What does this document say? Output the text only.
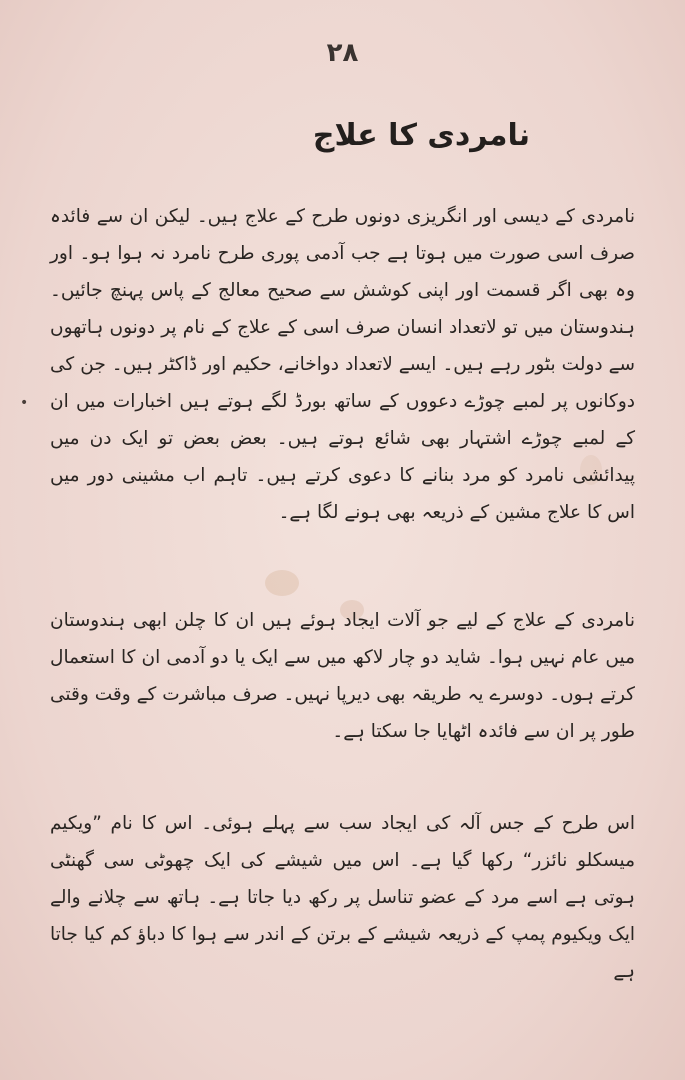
۲۸
نامردی کا علاج

نامردی کے دیسی اور انگریزی دونوں طرح کے علاج ہیں۔ لیکن ان سے فائدہ صرف اسی صورت میں ہوتا ہے جب آدمی پوری طرح نامرد نہ ہوا ہو۔ اور وہ بھی اگر قسمت اور اپنی کوشش سے صحیح معالج کے پاس پہنچ جائیں۔ ہندوستان میں تو لاتعداد انسان صرف اسی کے علاج کے نام پر دونوں ہاتھوں سے دولت بٹور رہے ہیں۔ ایسے لاتعداد دواخانے، حکیم اور ڈاکٹر ہیں۔ جن کی دوکانوں پر لمبے چوڑے دعووں کے ساتھ بورڈ لگے ہوتے ہیں اخبارات میں ان کے لمبے چوڑے اشتہار بھی شائع ہوتے ہیں۔ بعض بعض تو ایک دن میں پیدائشی نامرد کو مرد بنانے کا دعوی کرتے ہیں۔ تاہم اب مشینی دور میں اس کا علاج مشین کے ذریعہ بھی ہونے لگا ہے۔

نامردی کے علاج کے لیے جو آلات ایجاد ہوئے ہیں ان کا چلن ابھی ہندوستان میں عام نہیں ہوا۔ شاید دو چار لاکھ میں سے ایک یا دو آدمی ان کا استعمال کرتے ہوں۔ دوسرے یہ طریقہ بھی دیرپا نہیں۔ صرف مباشرت کے وقت وقتی طور پر ان سے فائدہ اٹھایا جا سکتا ہے۔

اس طرح کے جس آلہ کی ایجاد سب سے پہلے ہوئی۔ اس کا نام ”ویکیم میسکلو نائزر“ رکھا گیا ہے۔ اس میں شیشے کی ایک چھوٹی سی گھنٹی ہوتی ہے اسے مرد کے عضو تناسل پر رکھ دیا جاتا ہے۔ ہاتھ سے چلانے والے ایک ویکیوم پمپ کے ذریعہ شیشے کے برتن کے اندر سے ہوا کا دباؤ کم کیا جاتا ہے

•
